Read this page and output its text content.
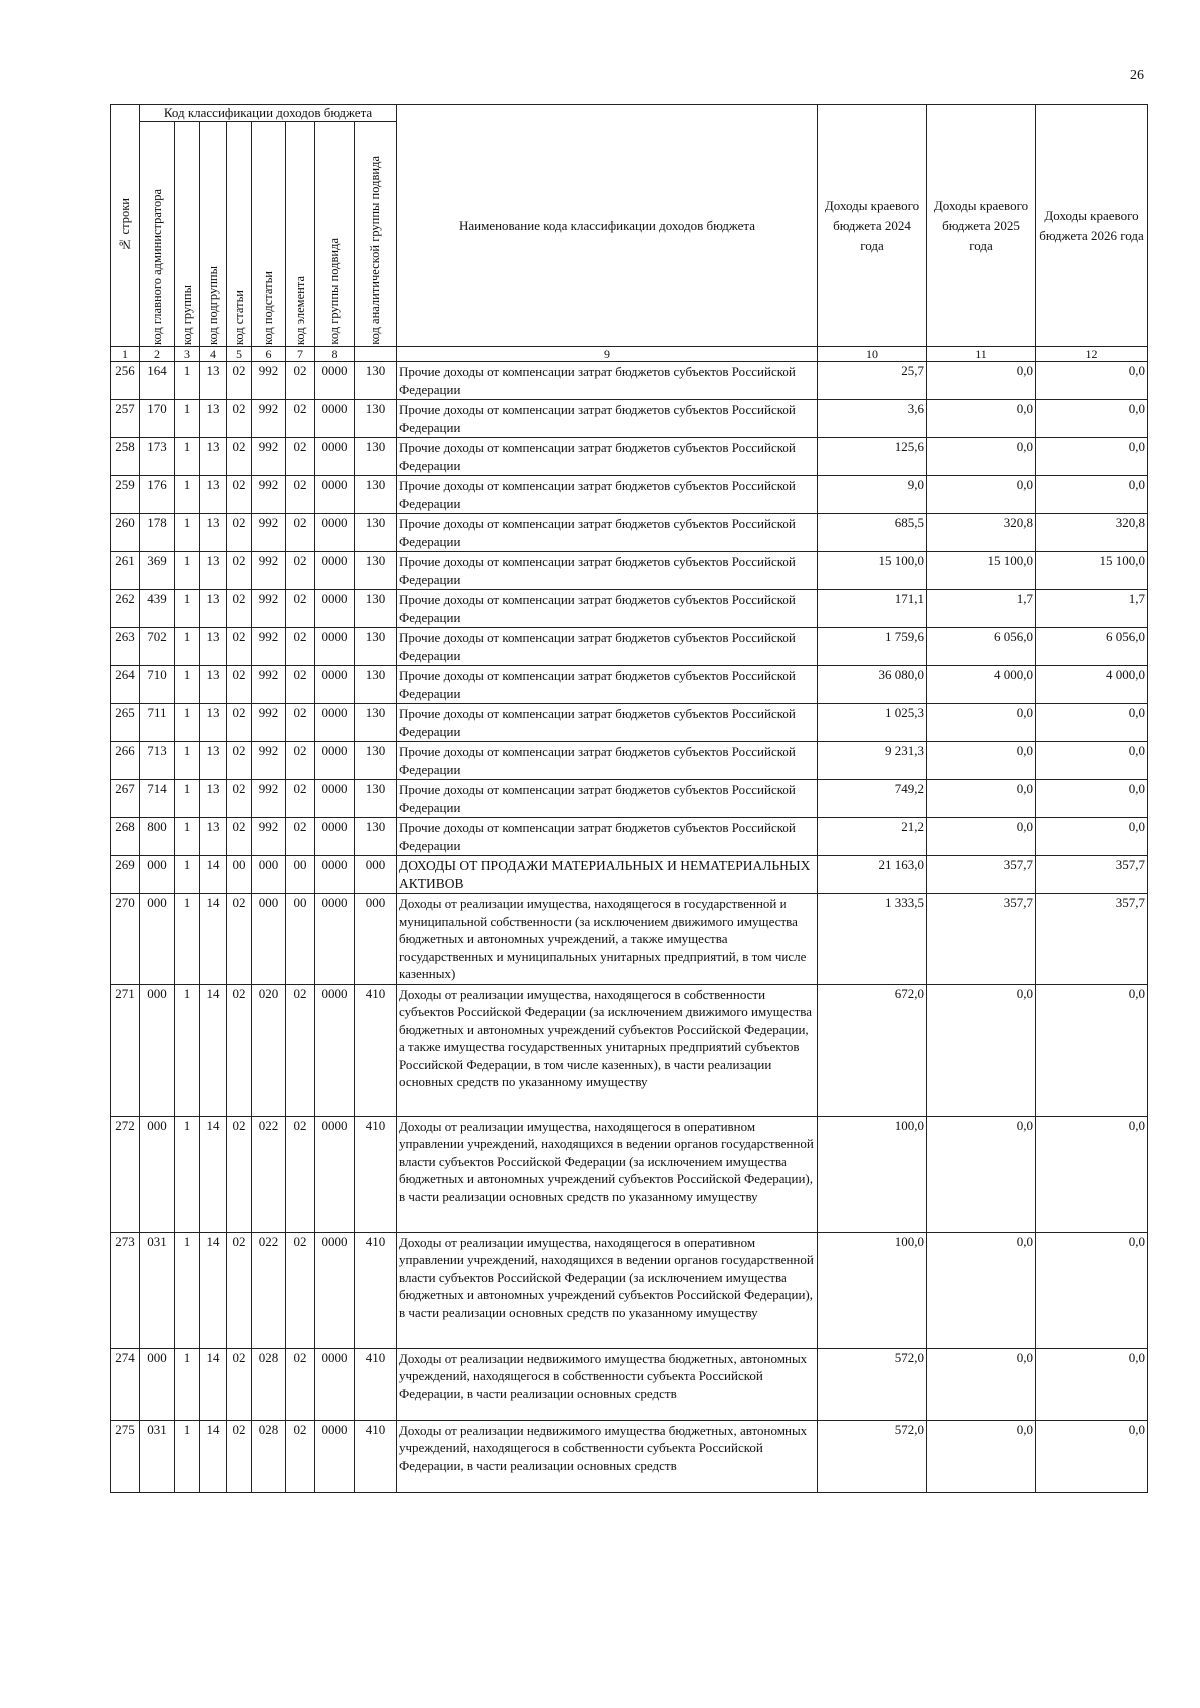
26
№ строки	Код классификации доходов бюджета								Наименование кода классификации доходов бюджета	Доходы краевого бюджета 2024 года	Доходы краевого бюджета 2025 года	Доходы краевого бюджета 2026 года

	код главного администратора	код группы	код подгруппы	код статьи	код подстатьи	код элемента	код группы подвида	код аналитической группы подвида				

1	2	3	4	5	6	7	8		9	10	11	12
256	164	1	13	02	992	02	0000	130	Прочие доходы от компенсации затрат бюджетов субъектов Российской Федерации	25,7	0,0	0,0
257	170	1	13	02	992	02	0000	130	Прочие доходы от компенсации затрат бюджетов субъектов Российской Федерации	3,6	0,0	0,0
258	173	1	13	02	992	02	0000	130	Прочие доходы от компенсации затрат бюджетов субъектов Российской Федерации	125,6	0,0	0,0
259	176	1	13	02	992	02	0000	130	Прочие доходы от компенсации затрат бюджетов субъектов Российской Федерации	9,0	0,0	0,0
260	178	1	13	02	992	02	0000	130	Прочие доходы от компенсации затрат бюджетов субъектов Российской Федерации	685,5	320,8	320,8
261	369	1	13	02	992	02	0000	130	Прочие доходы от компенсации затрат бюджетов субъектов Российской Федерации	15 100,0	15 100,0	15 100,0
262	439	1	13	02	992	02	0000	130	Прочие доходы от компенсации затрат бюджетов субъектов Российской Федерации	171,1	1,7	1,7
263	702	1	13	02	992	02	0000	130	Прочие доходы от компенсации затрат бюджетов субъектов Российской Федерации	1 759,6	6 056,0	6 056,0
264	710	1	13	02	992	02	0000	130	Прочие доходы от компенсации затрат бюджетов субъектов Российской Федерации	36 080,0	4 000,0	4 000,0
265	711	1	13	02	992	02	0000	130	Прочие доходы от компенсации затрат бюджетов субъектов Российской Федерации	1 025,3	0,0	0,0
266	713	1	13	02	992	02	0000	130	Прочие доходы от компенсации затрат бюджетов субъектов Российской Федерации	9 231,3	0,0	0,0
267	714	1	13	02	992	02	0000	130	Прочие доходы от компенсации затрат бюджетов субъектов Российской Федерации	749,2	0,0	0,0
268	800	1	13	02	992	02	0000	130	Прочие доходы от компенсации затрат бюджетов субъектов Российской Федерации	21,2	0,0	0,0
269	000	1	14	00	000	00	0000	000	ДОХОДЫ ОТ ПРОДАЖИ МАТЕРИАЛЬНЫХ И НЕМАТЕРИАЛЬНЫХ АКТИВОВ	21 163,0	357,7	357,7
270	000	1	14	02	000	00	0000	000	Доходы от реализации имущества, находящегося в государственной и муниципальной собственности (за исключением движимого имущества бюджетных и автономных учреждений, а также имущества государственных и муниципальных унитарных предприятий, в том числе казенных)	1 333,5	357,7	357,7
271	000	1	14	02	020	02	0000	410	Доходы от реализации имущества, находящегося в собственности субъектов Российской Федерации (за исключением движимого имущества бюджетных и автономных учреждений субъектов Российской Федерации, а также имущества государственных унитарных предприятий субъектов Российской Федерации, в том числе казенных), в части реализации основных средств по указанному имуществу	672,0	0,0	0,0
272	000	1	14	02	022	02	0000	410	Доходы от реализации имущества, находящегося в оперативном управлении учреждений, находящихся в ведении органов государственной власти субъектов Российской Федерации (за исключением имущества бюджетных и автономных учреждений субъектов Российской Федерации), в части реализации основных средств по указанному имуществу	100,0	0,0	0,0
273	031	1	14	02	022	02	0000	410	Доходы от реализации имущества, находящегося в оперативном управлении учреждений, находящихся в ведении органов государственной власти субъектов Российской Федерации (за исключением имущества бюджетных и автономных учреждений субъектов Российской Федерации), в части реализации основных средств по указанному имуществу	100,0	0,0	0,0
274	000	1	14	02	028	02	0000	410	Доходы от реализации недвижимого имущества бюджетных, автономных учреждений, находящегося в собственности субъекта Российской Федерации, в части реализации основных средств	572,0	0,0	0,0
275	031	1	14	02	028	02	0000	410	Доходы от реализации недвижимого имущества бюджетных, автономных учреждений, находящегося в собственности субъекта Российской Федерации, в части реализации основных средств	572,0	0,0	0,0
